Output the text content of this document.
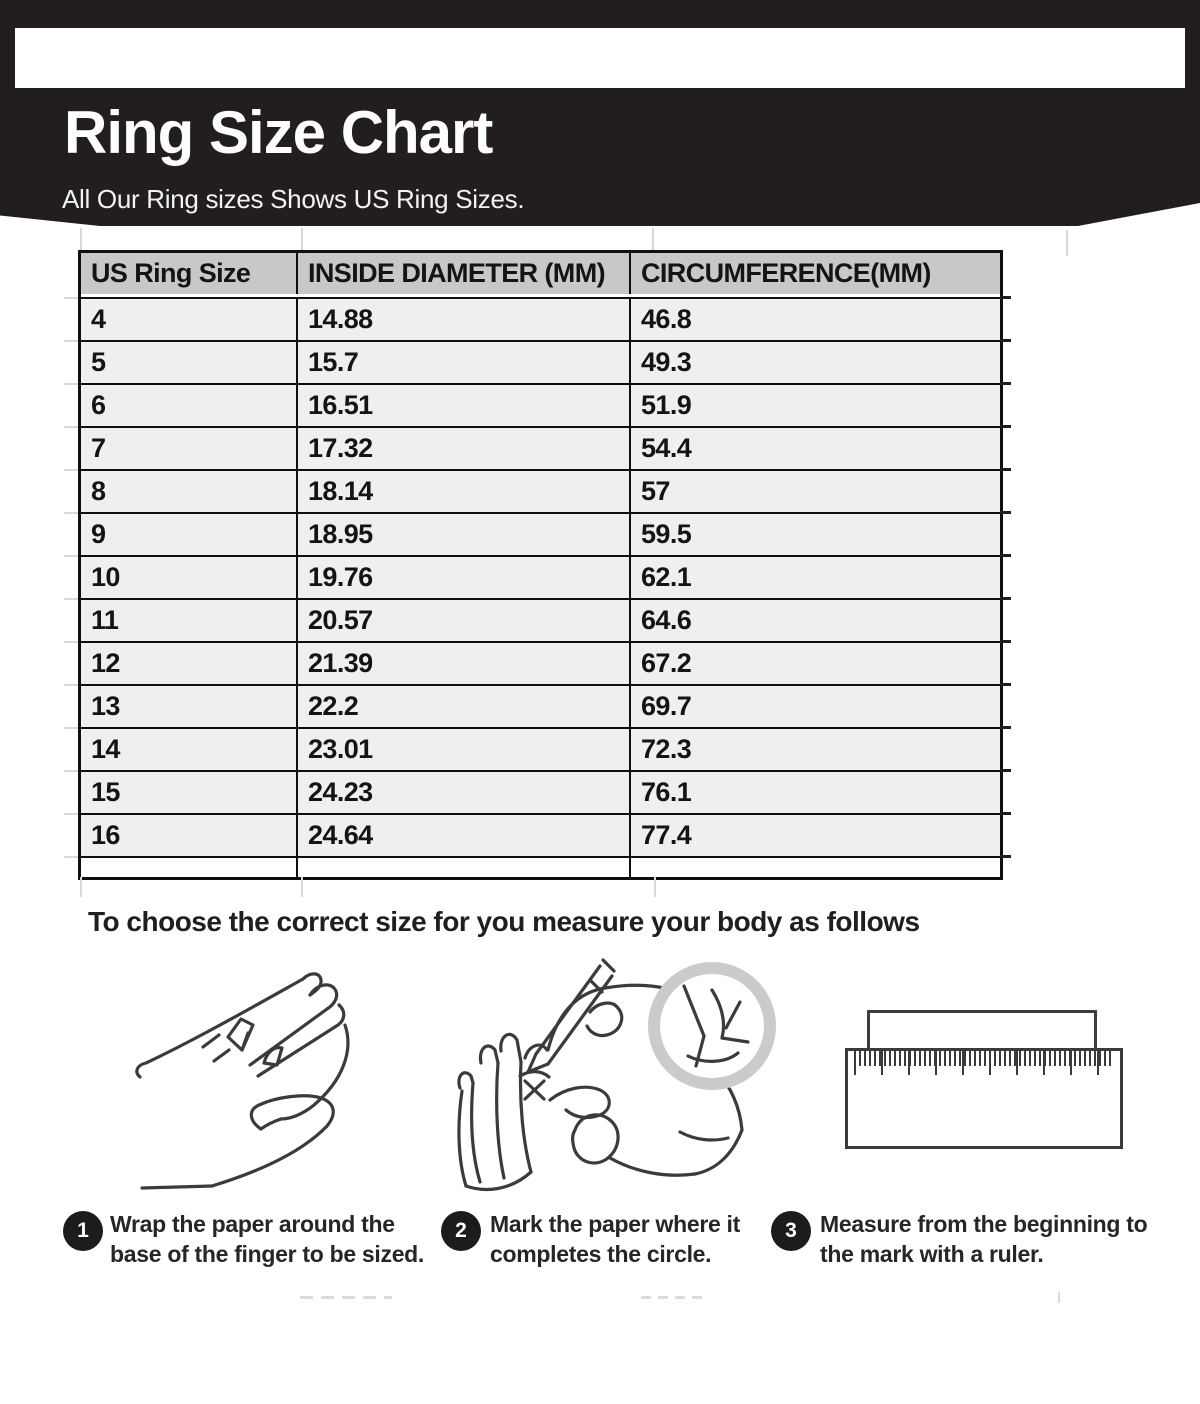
Ring Size Chart

All Our Ring sizes Shows US Ring Sizes.

US Ring Size	INSIDE DIAMETER (MM)	CIRCUMFERENCE(MM)
4	14.88	46.8
5	15.7	49.3
6	16.51	51.9
7	17.32	54.4
8	18.14	57
9	18.95	59.5
10	19.76	62.1
11	20.57	64.6
12	21.39	67.2
13	22.2	69.7
14	23.01	72.3
15	24.23	76.1
16	24.64	77.4

To choose the correct size for you measure your body as follows

1 Wrap the paper around the
base of the finger to be sized.
2	Mark the paper where it
completes the circle.
3	Measure from the beginning to
the mark with a ruler.
